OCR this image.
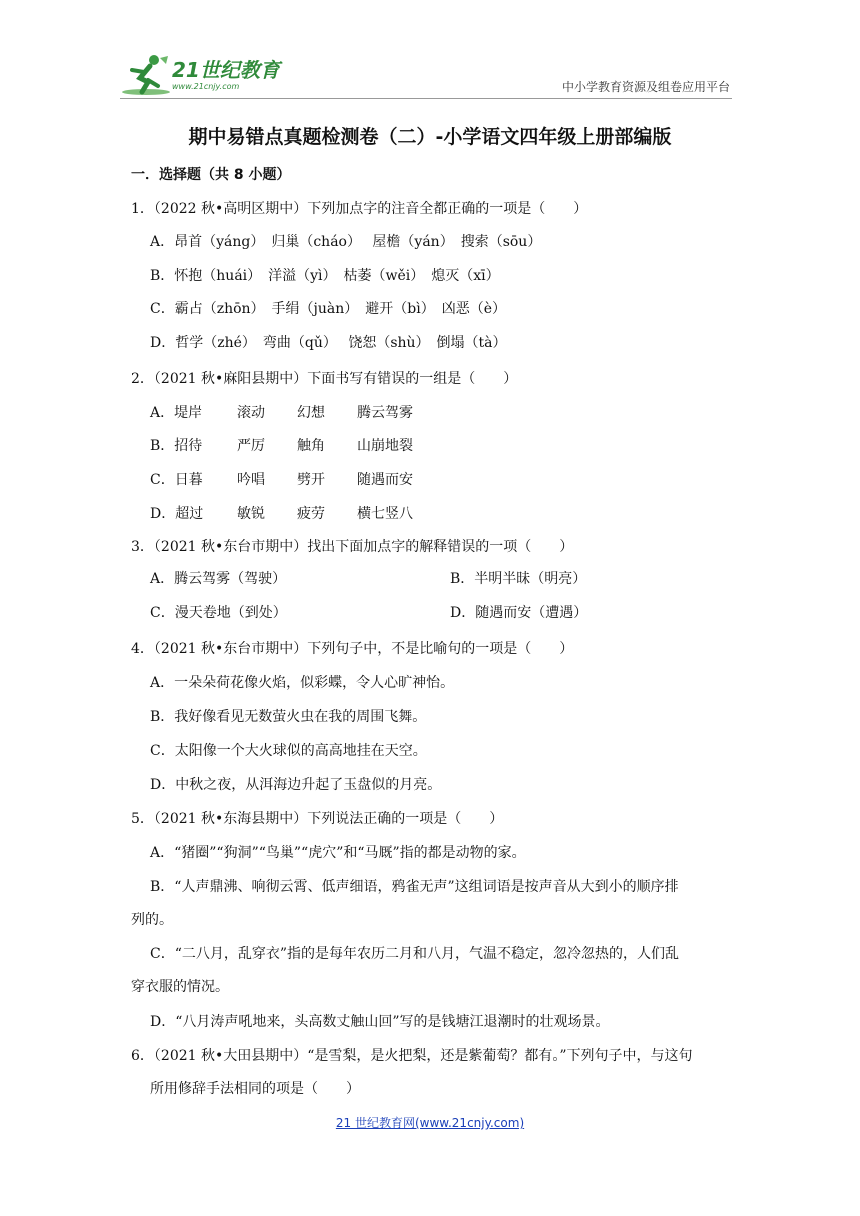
21世纪教育
www.21cnjy.com	中小学教育资源及组卷应用平台
期中易错点真题检测卷（二）-小学语文四年级上册部编版
一．选择题（共 8 小题）
1．（2022 秋•高明区期中）下列加点字的注音全都正确的一项是（　　）
A．昂首（yáng）　归巢（cháo）　 屋檐（yán）　搜索（sōu）
B．怀抱（huái）　洋溢（yì）　枯萎（wěi）　熄灭（xī）
C．霸占（zhōn）　手绢（juàn）　避开（bì）　凶恶（è）
D．哲学（zhé）　弯曲（qǔ）　 饶恕（shù）　倒塌（tà）
2．（2021 秋•麻阳县期中）下面书写有错误的一组是（　　）
A．堤岸 滚动 幻想 腾云驾雾
B．招待 严厉 触角 山崩地裂
C．日暮 吟唱 劈开 随遇而安
D．超过 敏锐 疲劳 横七竖八
3．（2021 秋•东台市期中）找出下面加点字的解释错误的一项（　　）
A．腾云驾雾（驾驶）	B．半明半昧（明亮）
C．漫天卷地（到处）	D．随遇而安（遭遇）
4．（2021 秋•东台市期中）下列句子中，不是比喻句的一项是（　　）
A．一朵朵荷花像火焰，似彩蝶，令人心旷神怡。
B．我好像看见无数萤火虫在我的周围飞舞。
C．太阳像一个大火球似的高高地挂在天空。
D．中秋之夜，从洱海边升起了玉盘似的月亮。
5．（2021 秋•东海县期中）下列说法正确的一项是（　　）
A．“猪圈”“狗洞”“鸟巢”“虎穴”和“马厩”指的都是动物的家。
B．“人声鼎沸、响彻云霄、低声细语，鸦雀无声”这组词语是按声音从大到小的顺序排
列的。
C．“二八月，乱穿衣”指的是每年农历二月和八月，气温不稳定，忽冷忽热的，人们乱
穿衣服的情况。
D．“八月涛声吼地来，头高数丈触山回”写的是钱塘江退潮时的壮观场景。
6．（2021 秋•大田县期中）“是雪梨，是火把梨，还是紫葡萄？都有。”下列句子中，与这句
所用修辞手法相同的项是（　　）
21 世纪教育网(www.21cnjy.com)
